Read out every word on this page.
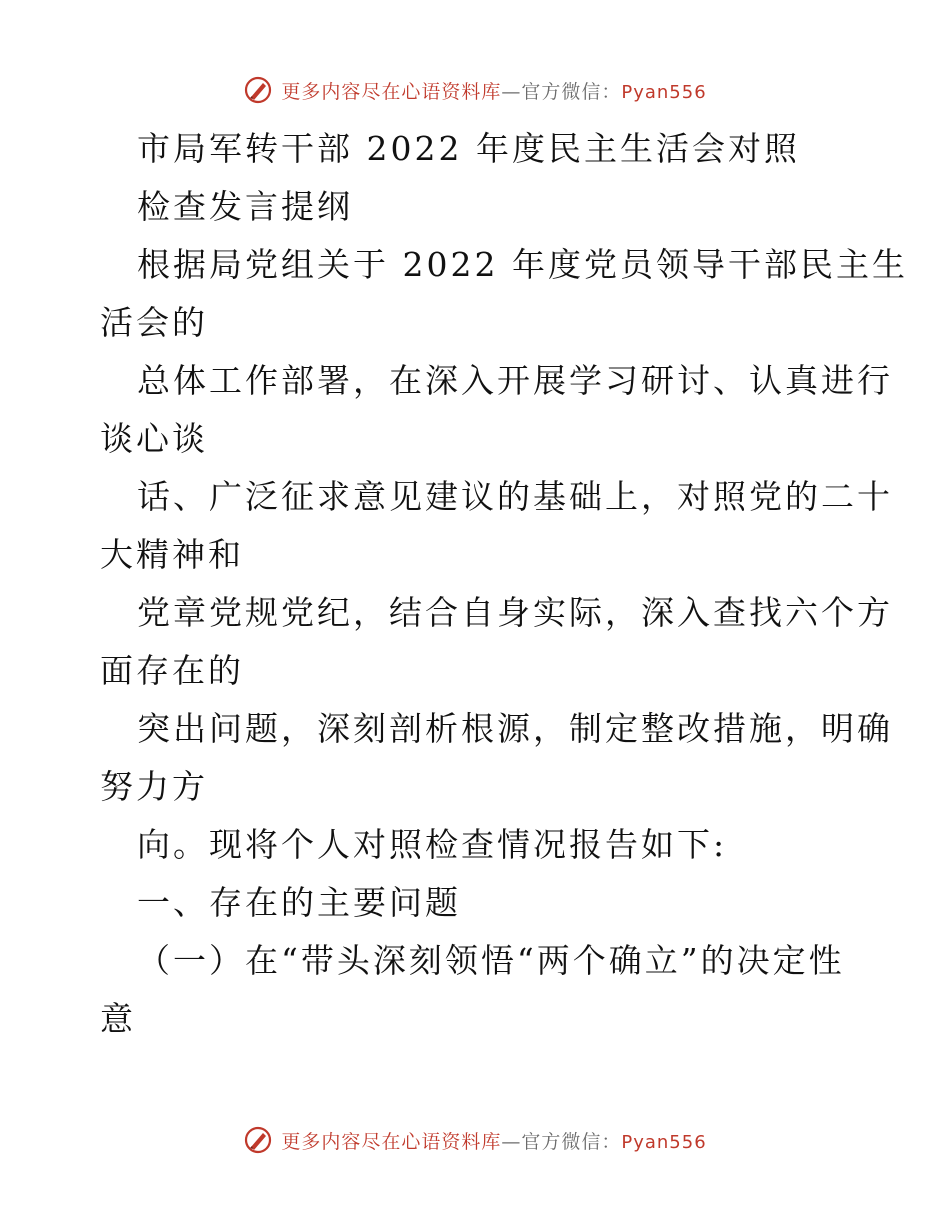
更多内容尽在心语资料库—官方微信：Pyan556
市局军转干部 2022 年度民主生活会对照
检查发言提纲
根据局党组关于 2022 年度党员领导干部民主生
活会的
总体工作部署，在深入开展学习研讨、认真进行
谈心谈
话、广泛征求意见建议的基础上，对照党的二十
大精神和
党章党规党纪，结合自身实际，深入查找六个方
面存在的
突出问题，深刻剖析根源，制定整改措施，明确
努力方
向。现将个人对照检查情况报告如下:
一、存在的主要问题
（一）在“带头深刻领悟“两个确立”的决定性
意
更多内容尽在心语资料库—官方微信：Pyan556
